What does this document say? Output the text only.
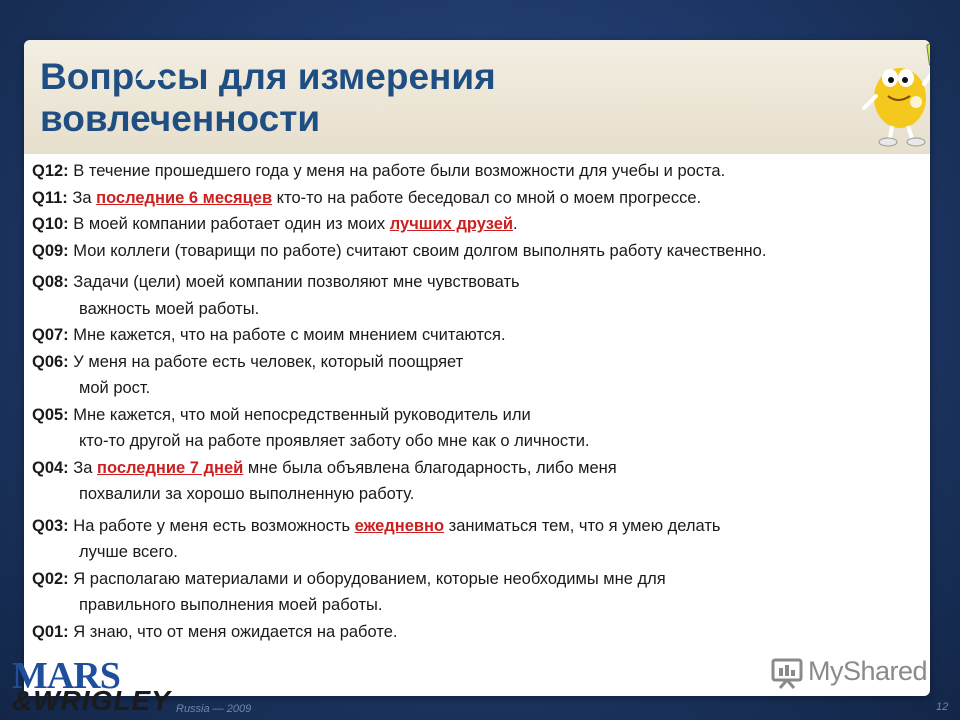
Вопросы для измерения вовлеченности

Q12: В течение прошедшего года у меня на работе были возможности для учебы и роста.

Q11: За последние 6 месяцев кто-то на работе беседовал со мной о моем прогрессе.

Q10: В моей компании работает один из моих лучших друзей.

Q09: Мои коллеги (товарищи по работе) считают своим долгом выполнять работу качественно.

Q08: Задачи (цели) моей компании позволяют мне чувствовать
важность моей работы.

Q07: Мне кажется, что на работе с моим мнением считаются.

Q06: У меня на работе есть человек, который поощряет
мой рост.

Q05: Мне кажется, что мой непосредственный руководитель или
кто-то другой на работе проявляет заботу обо мне как о личности.

Q04: За последние 7 дней мне была объявлена благодарность, либо меня
похвалили за хорошо выполненную работу.

Q03: На работе у меня есть возможность ежедневно заниматься тем, что я умею делать
лучше всего.

Q02: Я располагаю материалами и оборудованием, которые необходимы мне для
правильного выполнения моей работы.

Q01: Я знаю, что от меня ожидается на работе.

MyShared
MARS
&WRIGLEY Russia — 2009	12
